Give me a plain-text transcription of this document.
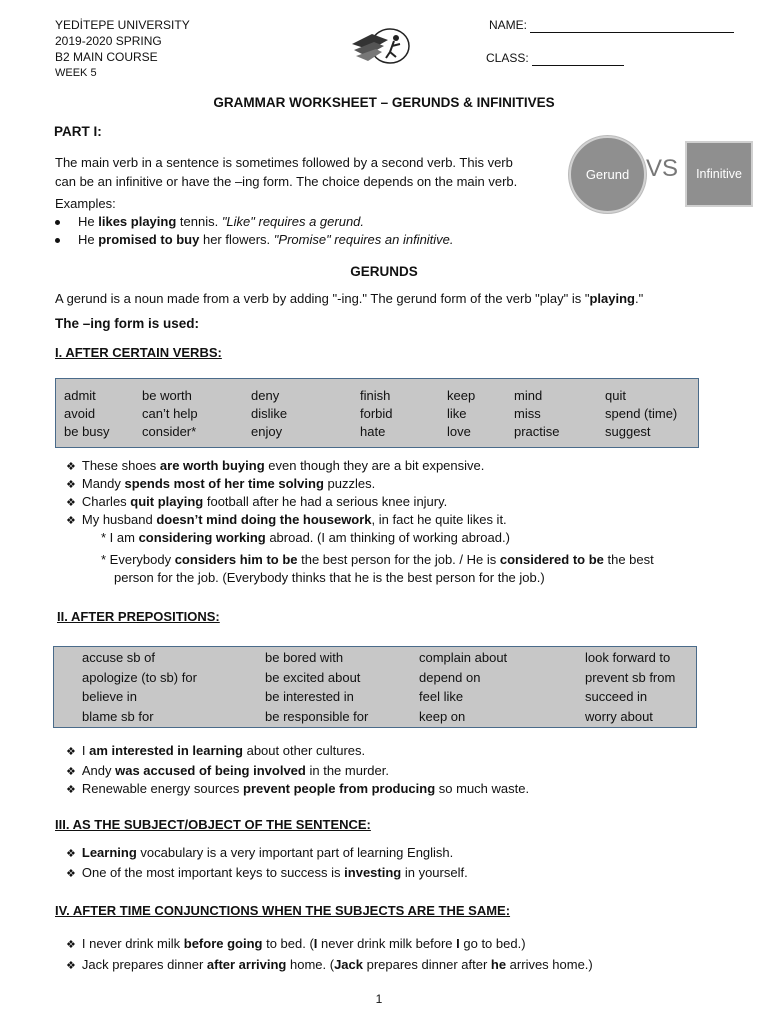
YEDİTEPE UNIVERSITY
2019-2020 SPRING
B2 MAIN COURSE
WEEK 5
NAME:
CLASS:
GRAMMAR WORKSHEET – GERUNDS & INFINITIVES
PART I:
The main verb in a sentence is sometimes followed by a second verb. This verb
can be an infinitive or have the –ing form. The choice depends on the main verb.
Examples:
He likes playing tennis. "Like" requires a gerund.
He promised to buy her flowers. "Promise" requires an infinitive.
Gerund VS	Infinitive
GERUNDS
A gerund is a noun made from a verb by adding "-ing." The gerund form of the verb "play" is "playing."
The –ing form is used:
I. AFTER CERTAIN VERBS:
admit
avoid
be busy
be worth
can’t help
consider*
deny
dislike
enjoy
finish
forbid
hate
keep
like
love
mind
miss
practise
quit
spend (time)
suggest
❖ These shoes are worth buying even though they are a bit expensive.
❖ Mandy spends most of her time solving puzzles.
❖ Charles quit playing football after he had a serious knee injury.
❖ My husband doesn’t mind doing the housework, in fact he quite likes it.
* I am considering working abroad. (I am thinking of working abroad.)
* Everybody considers him to be the best person for the job. / He is considered to be the best
person for the job. (Everybody thinks that he is the best person for the job.)
II. AFTER PREPOSITIONS:
accuse sb of
apologize (to sb) for
believe in
blame sb for
be bored with
be excited about
be interested in
be responsible for
complain about
depend on
feel like
keep on
look forward to
prevent sb from
succeed in
worry about
❖ I am interested in learning about other cultures.
❖ Andy was accused of being involved in the murder.
❖ Renewable energy sources prevent people from producing so much waste.
III. AS THE SUBJECT/OBJECT OF THE SENTENCE:
❖ Learning vocabulary is a very important part of learning English.
❖ One of the most important keys to success is investing in yourself.
IV. AFTER TIME CONJUNCTIONS WHEN THE SUBJECTS ARE THE SAME:
❖ I never drink milk before going to bed. (I never drink milk before I go to bed.)
❖ Jack prepares dinner after arriving home. (Jack prepares dinner after he arrives home.)
1
